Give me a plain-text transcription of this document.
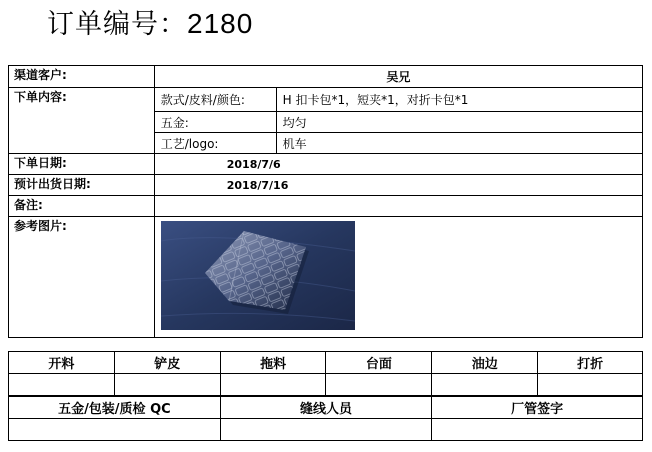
订单编号：2180
渠道客户:	吴兄	
下单内容:	款式/皮料/颜色:	H 扣卡包*1，短夹*1，对折卡包*1
	五金:	均匀
	工艺/logo:	机车
下单日期:	2018/7/6	
预计出货日期:	2018/7/16	
备注:		
参考图片:	
开料	铲皮	拖料	台面	油边	打折

五金/包装/质检 QC	缝线人员	厂管签字
